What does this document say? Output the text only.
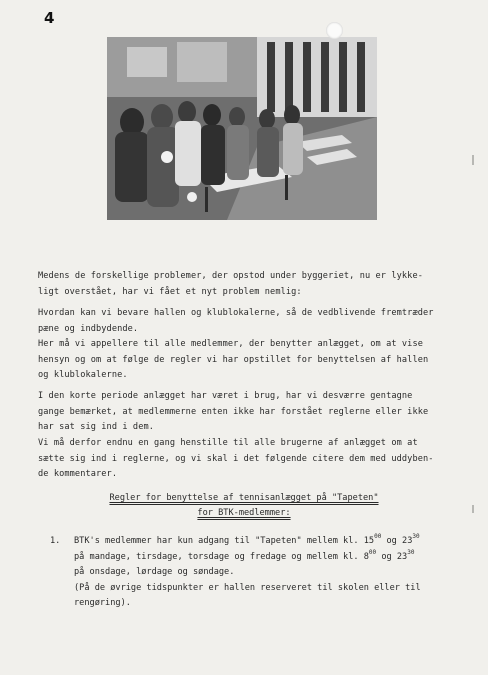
4

Medens de forskellige problemer, der opstod under byggeriet, nu er lykke-

ligt overstået, har vi fået et nyt problem nemlig:

Hvordan kan vi bevare hallen og klublokalerne, så de vedblivende fremtræder

pæne og indbydende.

Her må vi appellere til alle medlemmer, der benytter anlægget, om at vise

hensyn og om at følge de regler vi har opstillet for benyttelsen af hallen

og klublokalerne.

I den korte periode anlægget har været i brug, har vi desværre gentagne

gange bemærket, at medlemmerne enten ikke har forstået reglerne eller ikke

har sat sig ind i dem.

Vi må derfor endnu en gang henstille til alle brugerne af anlægget om at

sætte sig ind i reglerne, og vi skal i det følgende citere dem med uddyben-

de kommentarer.

Regler for benyttelse af tennisanlægget på "Tapeten"
for BTK-medlemmer:
1. BTK's medlemmer har kun adgang til "Tapeten" mellem kl. $15^{00}$ og $23^{30}$

på mandage, tirsdage, torsdage og fredage og mellem kl. $8^{00}$ og $23^{30}$

på onsdage, lørdage og søndage.

(På de øvrige tidspunkter er hallen reserveret til skolen eller til

rengøring).
